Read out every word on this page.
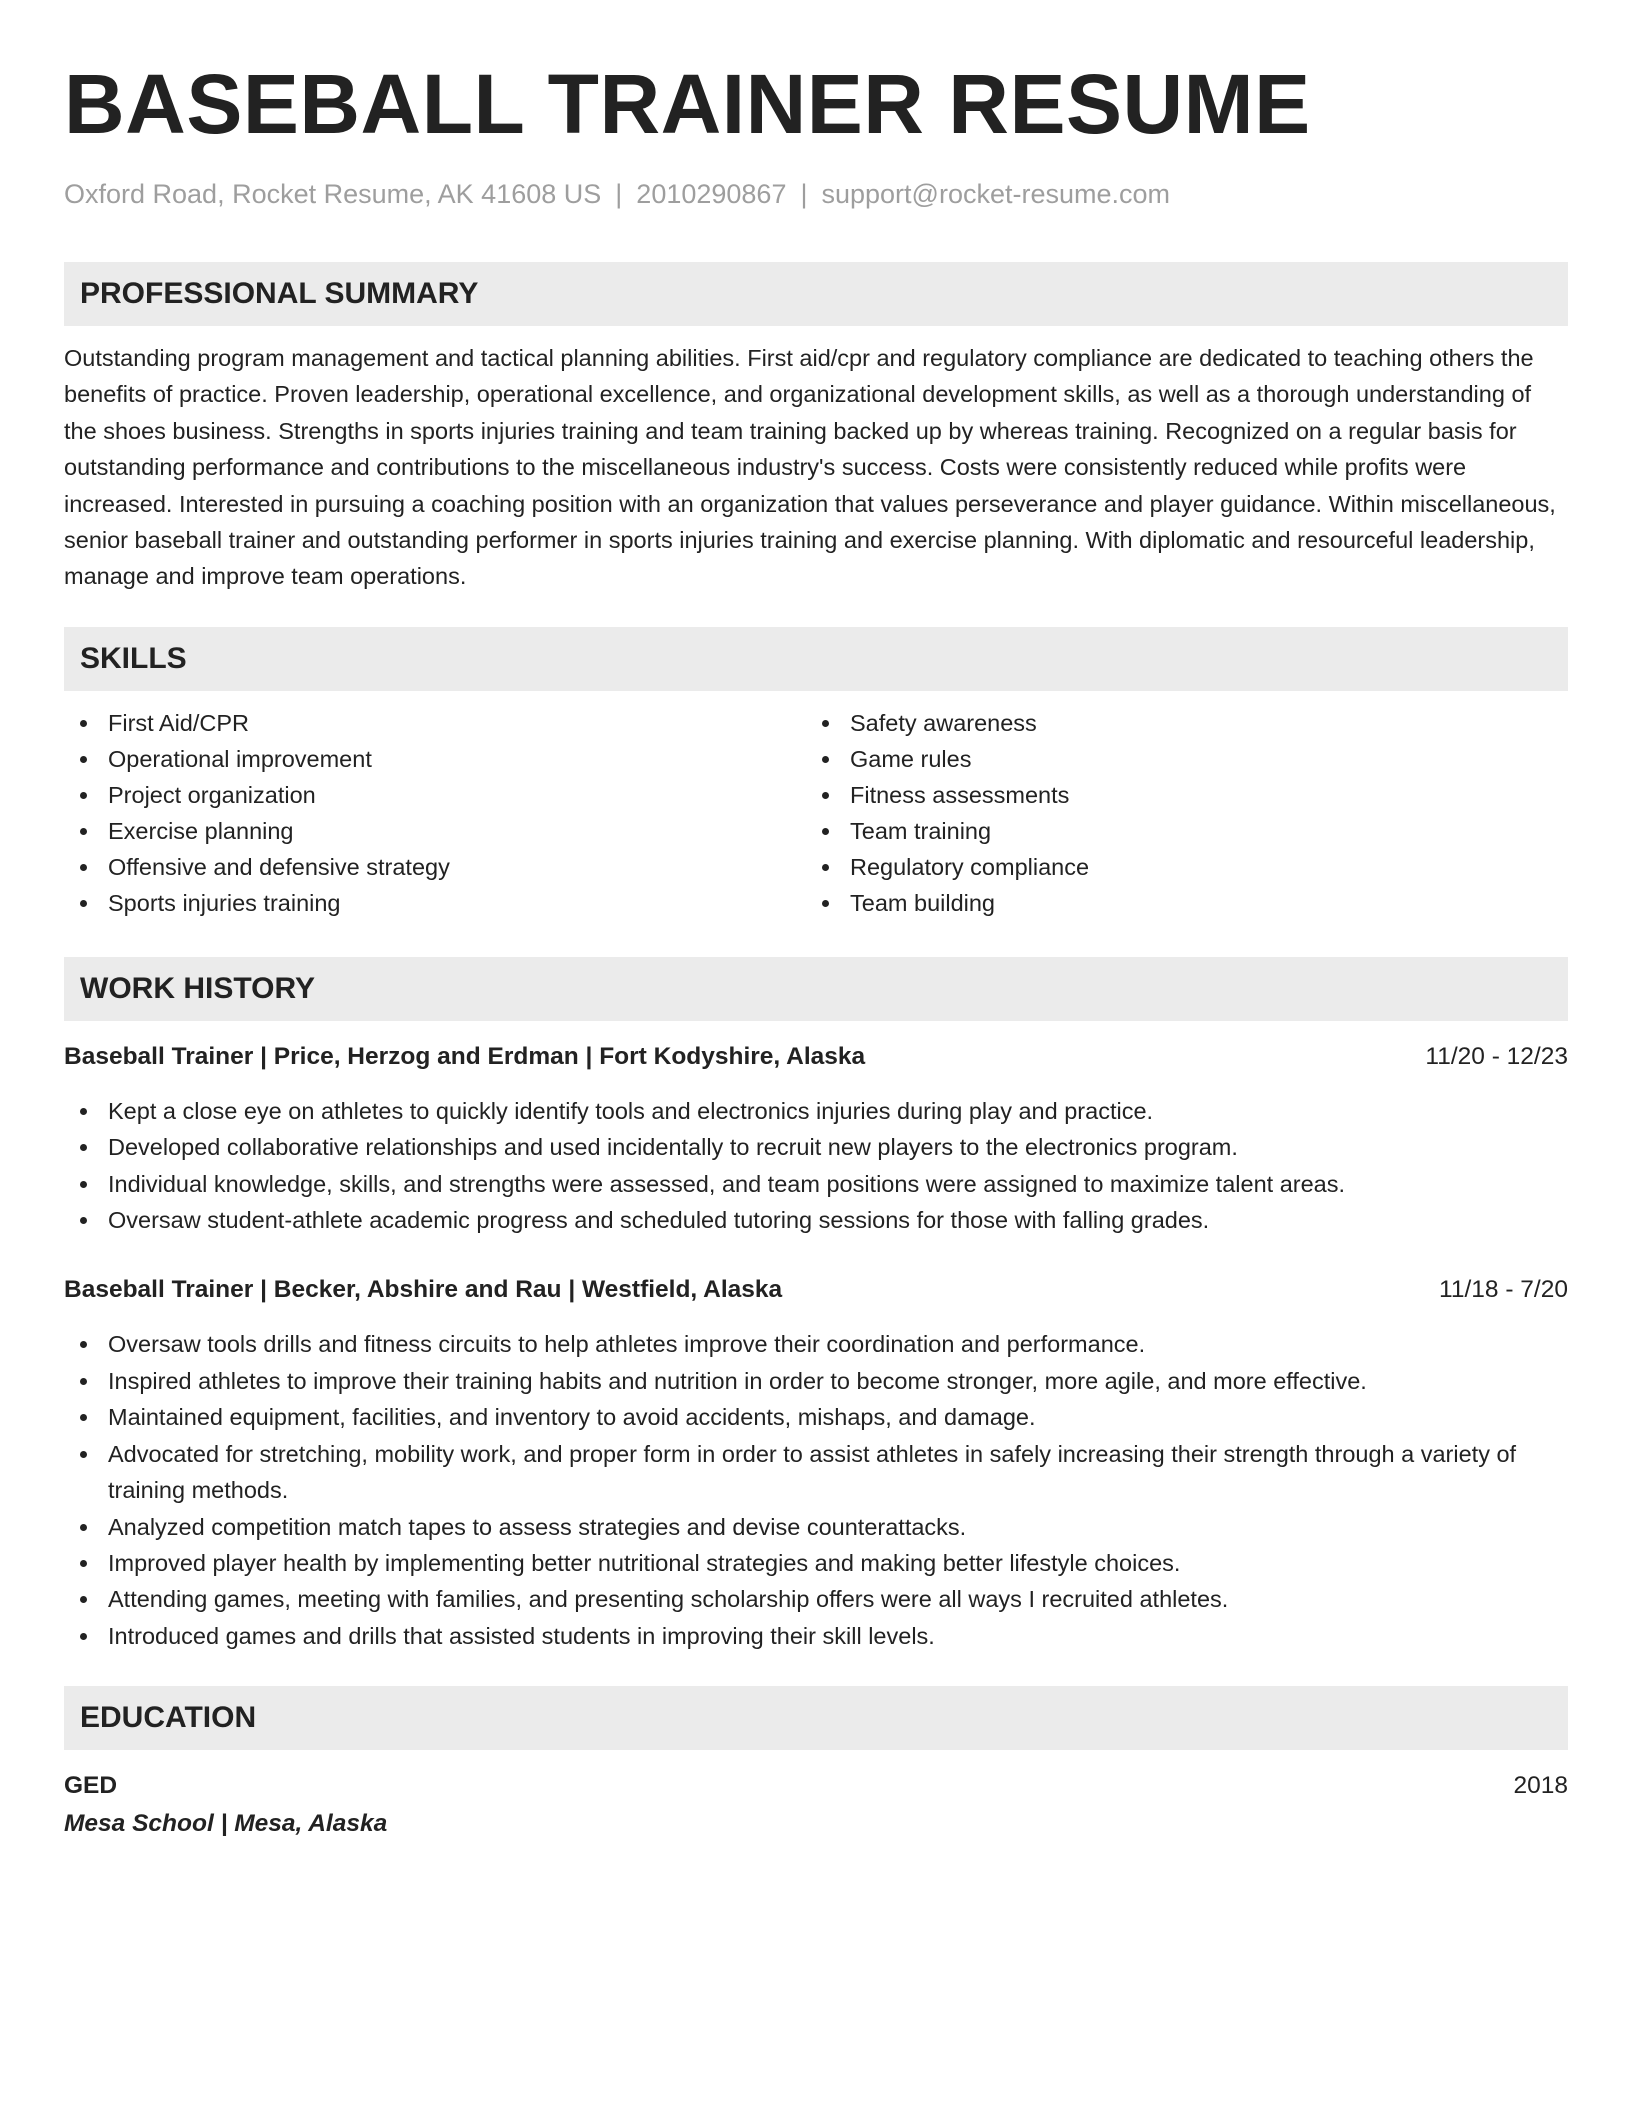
BASEBALL TRAINER RESUME
Oxford Road, Rocket Resume, AK 41608 US | 2010290867 | support@rocket-resume.com
PROFESSIONAL SUMMARY
Outstanding program management and tactical planning abilities. First aid/cpr and regulatory compliance are dedicated to teaching others the benefits of practice. Proven leadership, operational excellence, and organizational development skills, as well as a thorough understanding of the shoes business. Strengths in sports injuries training and team training backed up by whereas training. Recognized on a regular basis for outstanding performance and contributions to the miscellaneous industry's success. Costs were consistently reduced while profits were increased. Interested in pursuing a coaching position with an organization that values perseverance and player guidance. Within miscellaneous, senior baseball trainer and outstanding performer in sports injuries training and exercise planning. With diplomatic and resourceful leadership, manage and improve team operations.
SKILLS
First Aid/CPR
Operational improvement
Project organization
Exercise planning
Offensive and defensive strategy
Sports injuries training
Safety awareness
Game rules
Fitness assessments
Team training
Regulatory compliance
Team building
WORK HISTORY
Baseball Trainer | Price, Herzog and Erdman | Fort Kodyshire, Alaska	11/20 - 12/23
Kept a close eye on athletes to quickly identify tools and electronics injuries during play and practice.
Developed collaborative relationships and used incidentally to recruit new players to the electronics program.
Individual knowledge, skills, and strengths were assessed, and team positions were assigned to maximize talent areas.
Oversaw student-athlete academic progress and scheduled tutoring sessions for those with falling grades.
Baseball Trainer | Becker, Abshire and Rau | Westfield, Alaska	11/18 - 7/20
Oversaw tools drills and fitness circuits to help athletes improve their coordination and performance.
Inspired athletes to improve their training habits and nutrition in order to become stronger, more agile, and more effective.
Maintained equipment, facilities, and inventory to avoid accidents, mishaps, and damage.
Advocated for stretching, mobility work, and proper form in order to assist athletes in safely increasing their strength through a variety of training methods.
Analyzed competition match tapes to assess strategies and devise counterattacks.
Improved player health by implementing better nutritional strategies and making better lifestyle choices.
Attending games, meeting with families, and presenting scholarship offers were all ways I recruited athletes.
Introduced games and drills that assisted students in improving their skill levels.
EDUCATION
GED	2018
Mesa School | Mesa, Alaska
